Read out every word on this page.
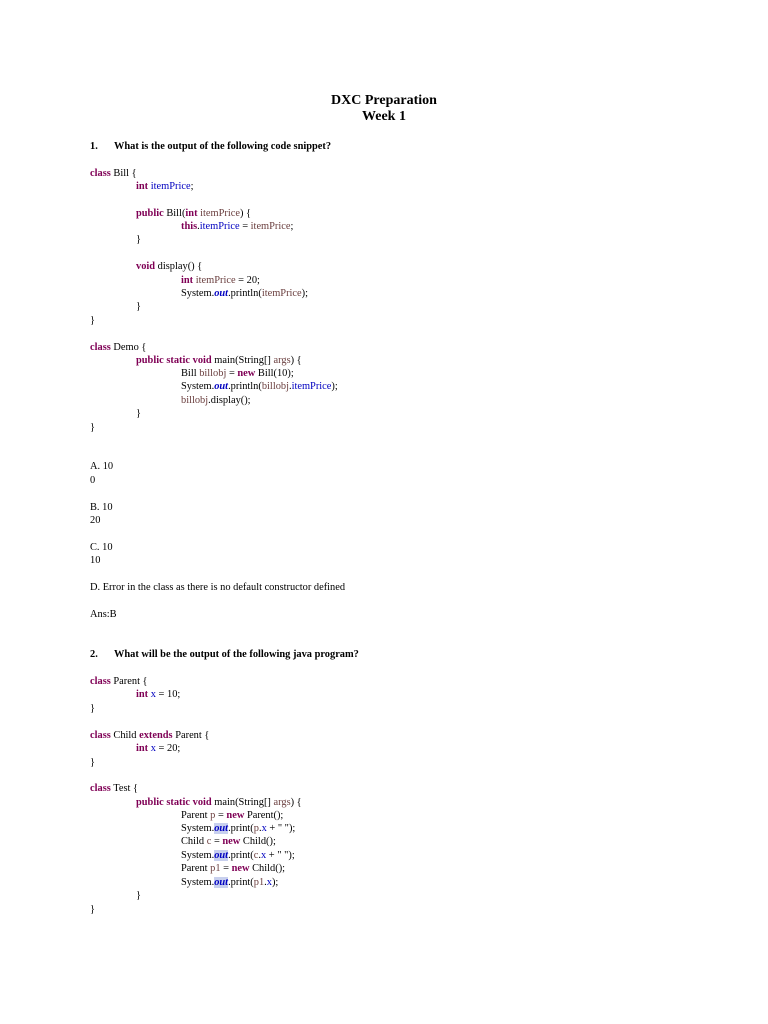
DXC Preparation
Week 1
1. What is the output of the following code snippet?
class Bill {
int itemPrice;
public Bill(int itemPrice) {
this.itemPrice = itemPrice;
}
void display() {
int itemPrice = 20;
System.out.println(itemPrice);
}
}
class Demo {
public static void main(String[] args) {
Bill billobj = new Bill(10);
System.out.println(billobj.itemPrice);
billobj.display();
}
}
A. 10
0
B. 10
20
C. 10
10
D. Error in the class as there is no default constructor defined
Ans:B
2. What will be the output of the following java program?
class Parent {
int x = 10;
}
class Child extends Parent {
int x = 20;
}
class Test {
public static void main(String[] args) {
Parent p = new Parent();
System.out.print(p.x + " ");
Child c = new Child();
System.out.print(c.x + " ");
Parent p1 = new Child();
System.out.print(p1.x);
}
}
